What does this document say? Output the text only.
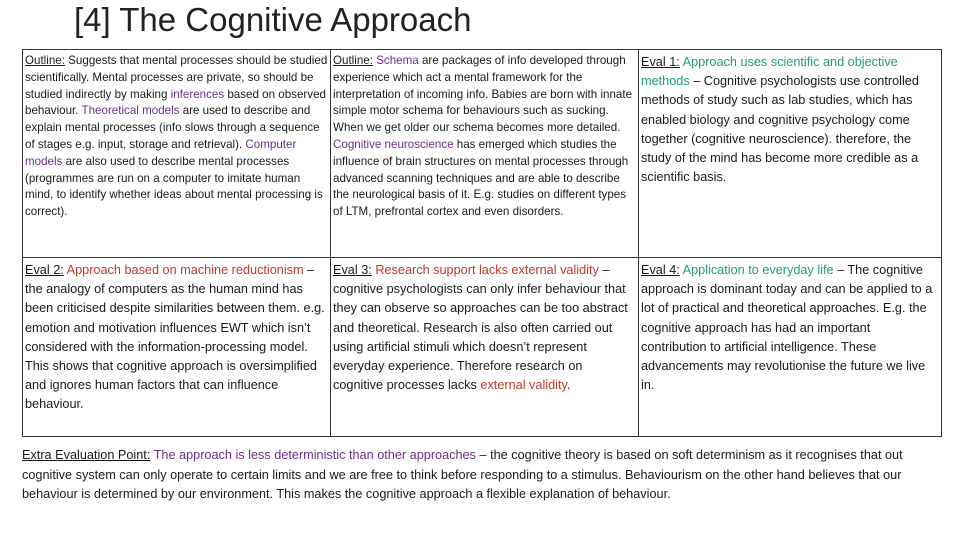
[4] The Cognitive Approach
Outline: Suggests that mental processes should be studied scientifically. Mental processes are private, so should be studied indirectly by making inferences based on observed behaviour. Theoretical models are used to describe and explain mental processes (info slows through a sequence of stages e.g. input, storage and retrieval). Computer models are also used to describe mental processes (programmes are run on a computer to imitate human mind, to identify whether ideas about mental processing is correct).
Outline: Schema are packages of info developed through experience which act a mental framework for the interpretation of incoming info. Babies are born with innate simple motor schema for behaviours such as sucking. When we get older our schema becomes more detailed. Cognitive neuroscience has emerged which studies the influence of brain structures on mental processes through advanced scanning techniques and are able to describe the neurological basis of it. E.g. studies on different types of LTM, prefrontal cortex and even disorders.
Eval 1: Approach uses scientific and objective methods – Cognitive psychologists use controlled methods of study such as lab studies, which has enabled biology and cognitive psychology come together (cognitive neuroscience). therefore, the study of the mind has become more credible as a scientific basis.
Eval 2: Approach based on machine reductionism – the analogy of computers as the human mind has been criticised despite similarities between them. e.g. emotion and motivation influences EWT which isn’t considered with the information-processing model. This shows that cognitive approach is oversimplified and ignores human factors that can influence behaviour.
Eval 3: Research support lacks external validity – cognitive psychologists can only infer behaviour that they can observe so approaches can be too abstract and theoretical. Research is also often carried out using artificial stimuli which doesn’t represent everyday experience. Therefore research on cognitive processes lacks external validity.
Eval 4: Application to everyday life – The cognitive approach is dominant today and can be applied to a lot of practical and theoretical approaches. E.g. the cognitive approach has had an important contribution to artificial intelligence. These advancements may revolutionise the future we live in.

Extra Evaluation Point: The approach is less deterministic than other approaches – the cognitive theory is based on soft determinism as it recognises that out cognitive system can only operate to certain limits and we are free to think before responding to a stimulus. Behaviourism on the other hand believes that our behaviour is determined by our environment. This makes the cognitive approach a flexible explanation of behaviour.
